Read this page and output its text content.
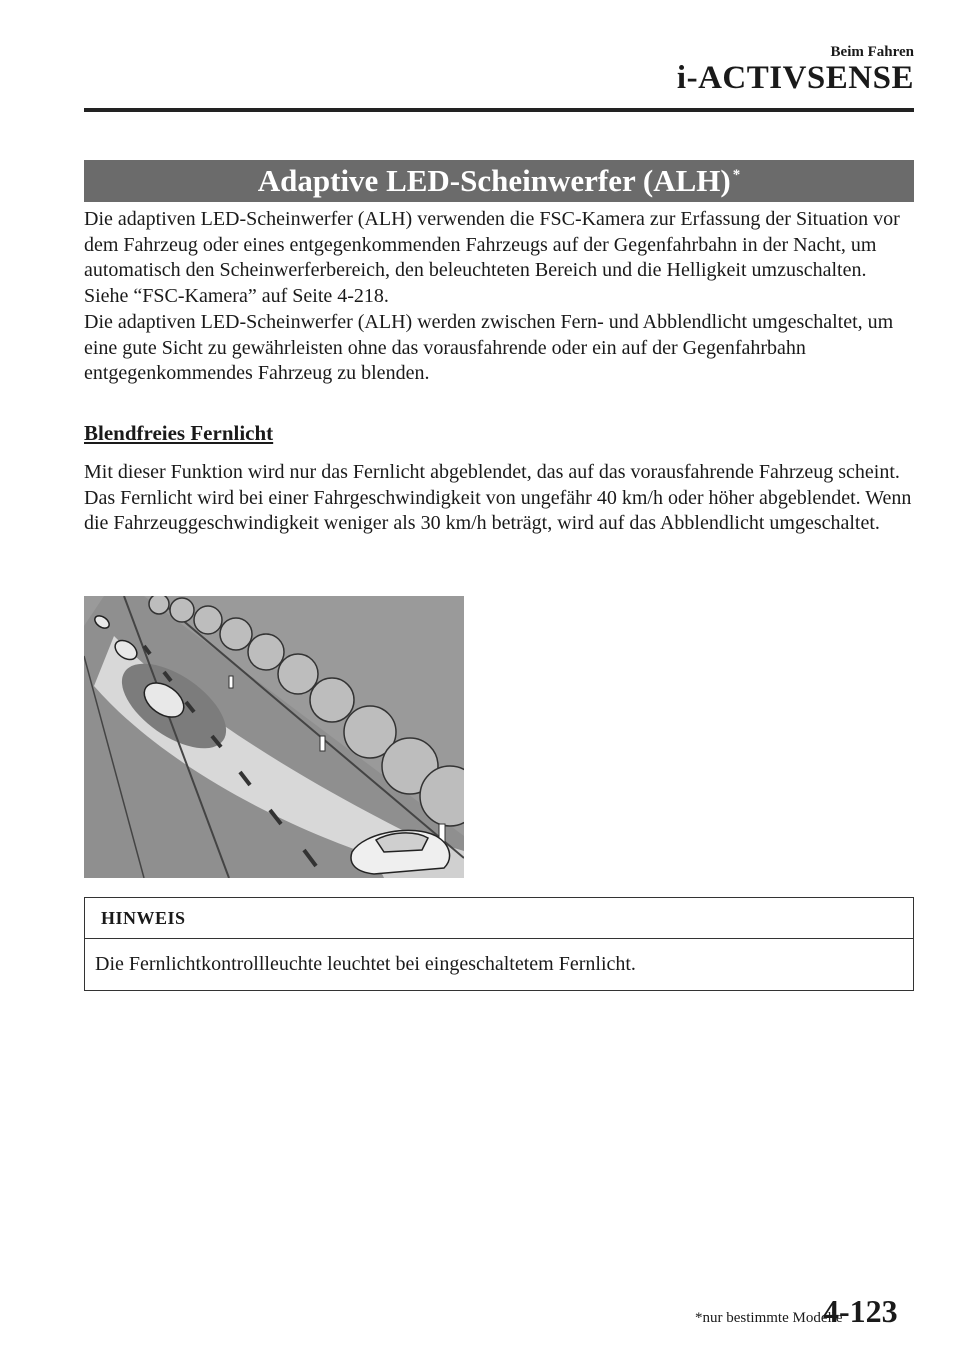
Beim Fahren
i-ACTIVSENSE
Adaptive LED-Scheinwerfer (ALH)*

Die adaptiven LED-Scheinwerfer (ALH) verwenden die FSC-Kamera zur Erfassung der Situation vor dem Fahrzeug oder eines entgegenkommenden Fahrzeugs auf der Gegenfahrbahn in der Nacht, um automatisch den Scheinwerferbereich, den beleuchteten Bereich und die Helligkeit umzuschalten.

Siehe “FSC-Kamera” auf Seite 4-218.

Die adaptiven LED-Scheinwerfer (ALH) werden zwischen Fern- und Abblendlicht umgeschaltet, um eine gute Sicht zu gewährleisten ohne das vorausfahrende oder ein auf der Gegenfahrbahn entgegenkommendes Fahrzeug zu blenden.

Blendfreies Fernlicht

Mit dieser Funktion wird nur das Fernlicht abgeblendet, das auf das vorausfahrende Fahrzeug scheint.

Das Fernlicht wird bei einer Fahrgeschwindigkeit von ungefähr 40 km/h oder höher abgeblendet. Wenn die Fahrzeuggeschwindigkeit weniger als 30 km/h beträgt, wird auf das Abblendlicht umgeschaltet.

HINWEIS
Die Fernlichtkontrollleuchte leuchtet bei eingeschaltetem Fernlicht.
*nur bestimmte Modelle
4-123
